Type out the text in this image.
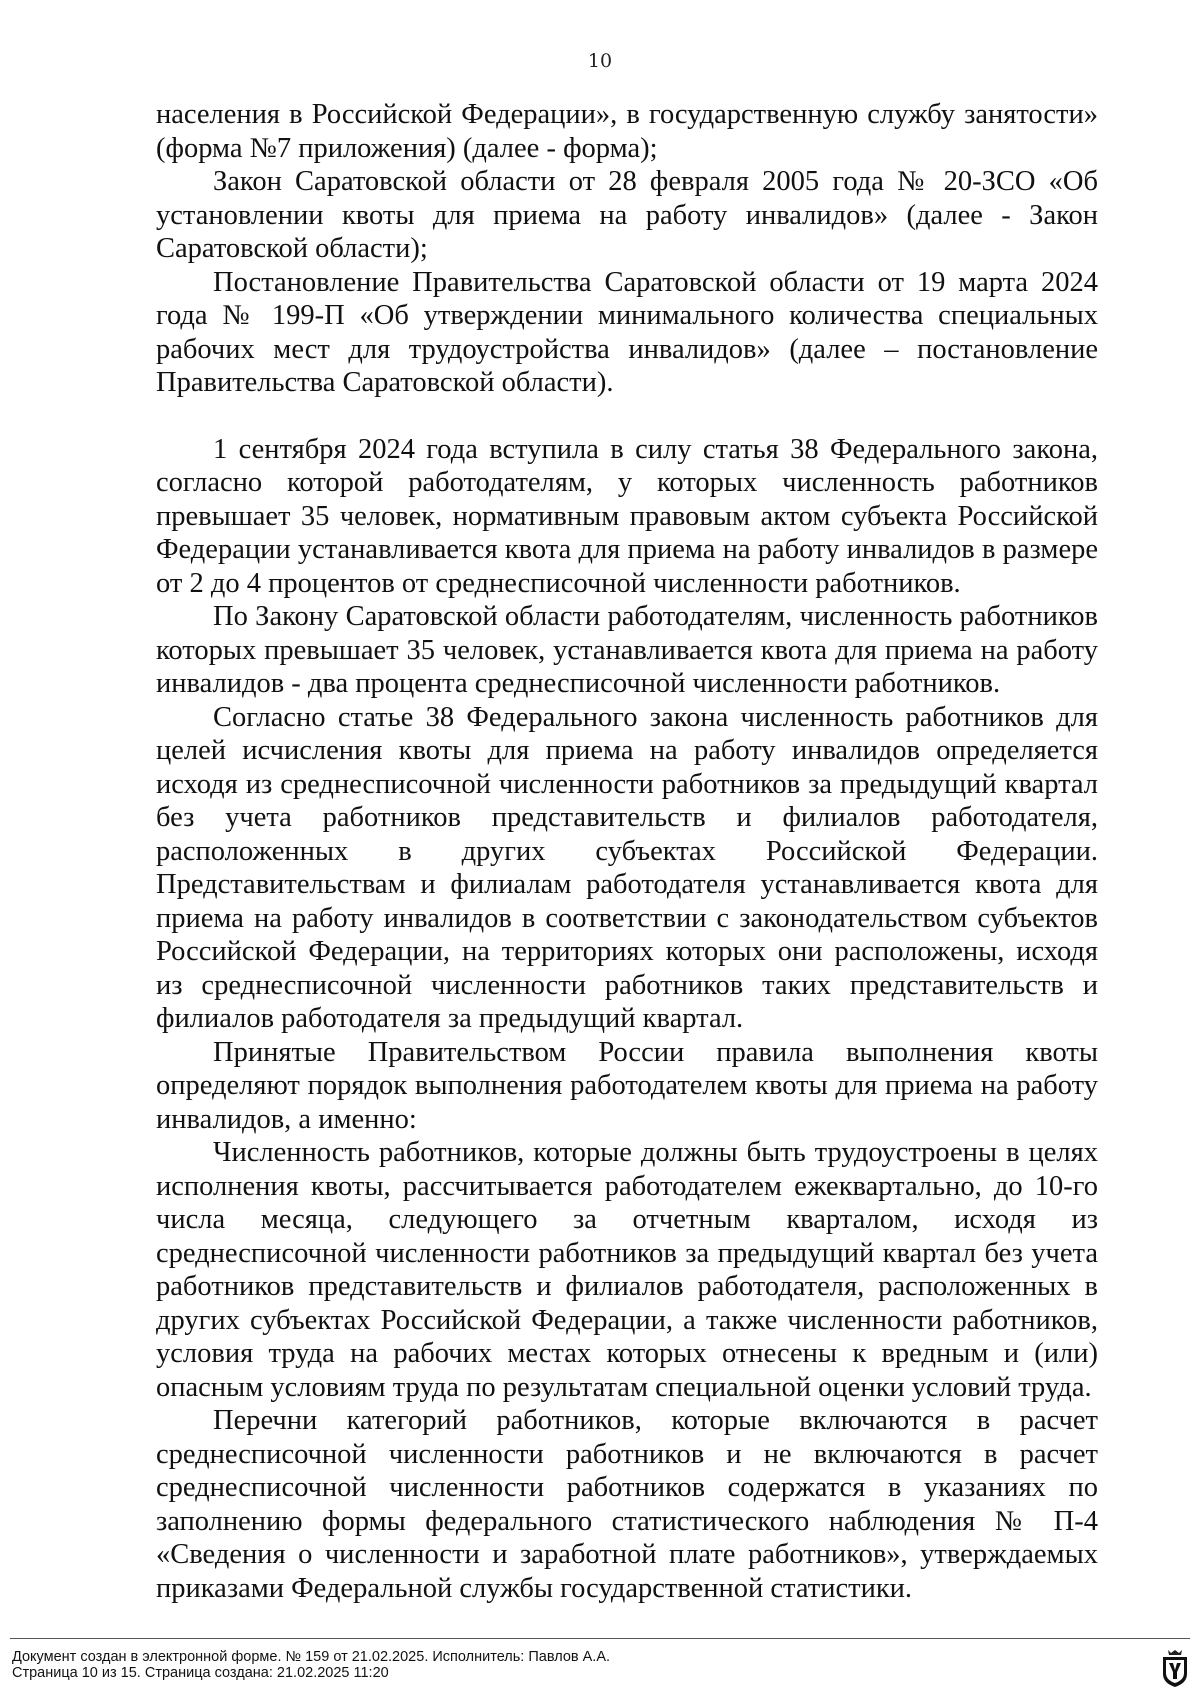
10

населения в Российской Федерации», в государственную службу занятости» (форма №7 приложения) (далее - форма);

Закон Саратовской области от 28 февраля 2005 года № 20-ЗСО «Об установлении квоты для приема на работу инвалидов» (далее - Закон Саратовской области);

Постановление Правительства Саратовской области от 19 марта 2024 года № 199-П «Об утверждении минимального количества специальных рабочих мест для трудоустройства инвалидов» (далее – постановление Правительства Саратовской области).

1 сентября 2024 года вступила в силу статья 38 Федерального закона, согласно которой работодателям, у которых численность работников превышает 35 человек, нормативным правовым актом субъекта Российской Федерации устанавливается квота для приема на работу инвалидов в размере от 2 до 4 процентов от среднесписочной численности работников.

По Закону Саратовской области работодателям, численность работников которых превышает 35 человек, устанавливается квота для приема на работу инвалидов - два процента среднесписочной численности работников.

Согласно статье 38 Федерального закона численность работников для целей исчисления квоты для приема на работу инвалидов определяется исходя из среднесписочной численности работников за предыдущий квартал без учета работников представительств и филиалов работодателя, расположенных в других субъектах Российской Федерации. Представительствам и филиалам работодателя устанавливается квота для приема на работу инвалидов в соответствии с законодательством субъектов Российской Федерации, на территориях которых они расположены, исходя из среднесписочной численности работников таких представительств и филиалов работодателя за предыдущий квартал.

Принятые Правительством России правила выполнения квоты определяют порядок выполнения работодателем квоты для приема на работу инвалидов, а именно:

Численность работников, которые должны быть трудоустроены в целях исполнения квоты, рассчитывается работодателем ежеквартально, до 10-го числа месяца, следующего за отчетным кварталом, исходя из среднесписочной численности работников за предыдущий квартал без учета работников представительств и филиалов работодателя, расположенных в других субъектах Российской Федерации, а также численности работников, условия труда на рабочих местах которых отнесены к вредным и (или) опасным условиям труда по результатам специальной оценки условий труда.

Перечни категорий работников, которые включаются в расчет среднесписочной численности работников и не включаются в расчет среднесписочной численности работников содержатся в указаниях по заполнению формы федерального статистического наблюдения № П-4 «Сведения о численности и заработной плате работников», утверждаемых приказами Федеральной службы государственной статистики.

Документ создан в электронной форме. № 159 от 21.02.2025. Исполнитель: Павлов А.А.
Страница 10 из 15. Страница создана: 21.02.2025 11:20
